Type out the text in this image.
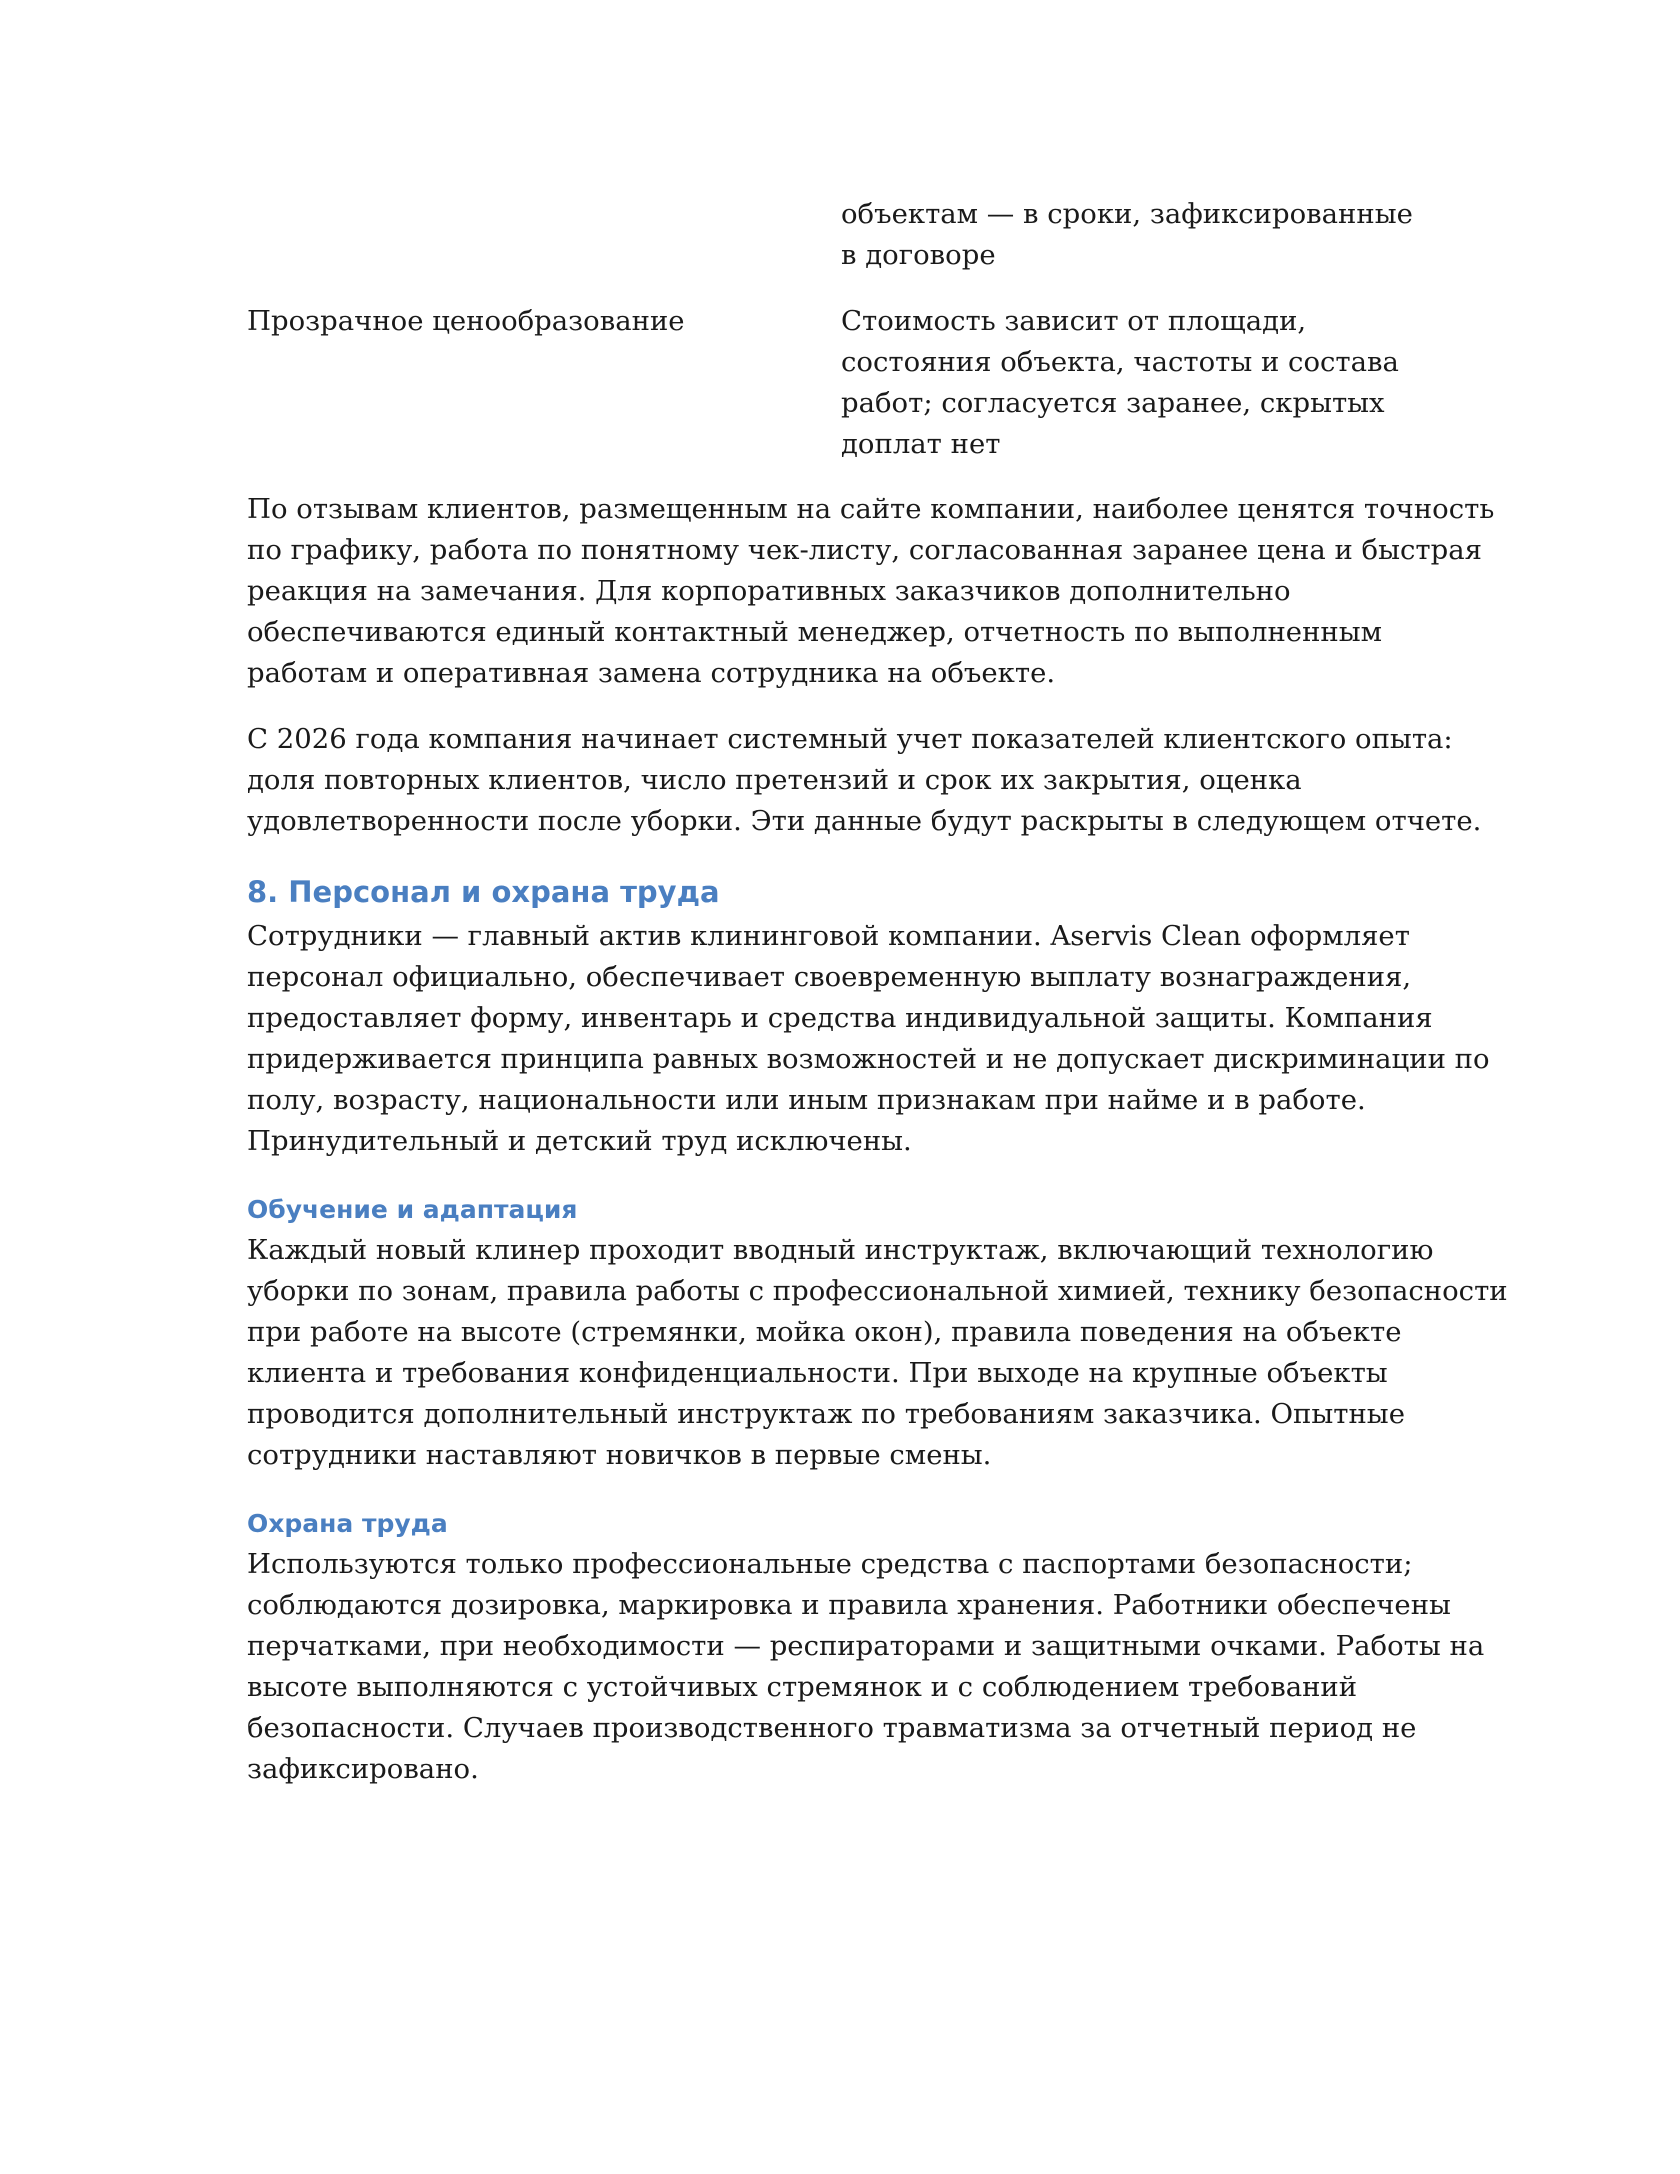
объектам — в сроки, зафиксированные
в договоре
Прозрачное ценообразование	Стоимость зависит от площади,
состояния объекта, частоты и состава
работ; согласуется заранее, скрытых
доплат нет

По отзывам клиентов, размещенным на сайте компании, наиболее ценятся точность
по графику, работа по понятному чек-листу, согласованная заранее цена и быстрая
реакция на замечания. Для корпоративных заказчиков дополнительно
обеспечиваются единый контактный менеджер, отчетность по выполненным
работам и оперативная замена сотрудника на объекте.

С 2026 года компания начинает системный учет показателей клиентского опыта:
доля повторных клиентов, число претензий и срок их закрытия, оценка
удовлетворенности после уборки. Эти данные будут раскрыты в следующем отчете.

8. Персонал и охрана труда

Сотрудники — главный актив клининговой компании. Aservis Clean оформляет
персонал официально, обеспечивает своевременную выплату вознаграждения,
предоставляет форму, инвентарь и средства индивидуальной защиты. Компания
придерживается принципа равных возможностей и не допускает дискриминации по
полу, возрасту, национальности или иным признакам при найме и в работе.
Принудительный и детский труд исключены.

Обучение и адаптация

Каждый новый клинер проходит вводный инструктаж, включающий технологию
уборки по зонам, правила работы с профессиональной химией, технику безопасности
при работе на высоте (стремянки, мойка окон), правила поведения на объекте
клиента и требования конфиденциальности. При выходе на крупные объекты
проводится дополнительный инструктаж по требованиям заказчика. Опытные
сотрудники наставляют новичков в первые смены.

Охрана труда

Используются только профессиональные средства с паспортами безопасности;
соблюдаются дозировка, маркировка и правила хранения. Работники обеспечены
перчатками, при необходимости — респираторами и защитными очками. Работы на
высоте выполняются с устойчивых стремянок и с соблюдением требований
безопасности. Случаев производственного травматизма за отчетный период не
зафиксировано.
